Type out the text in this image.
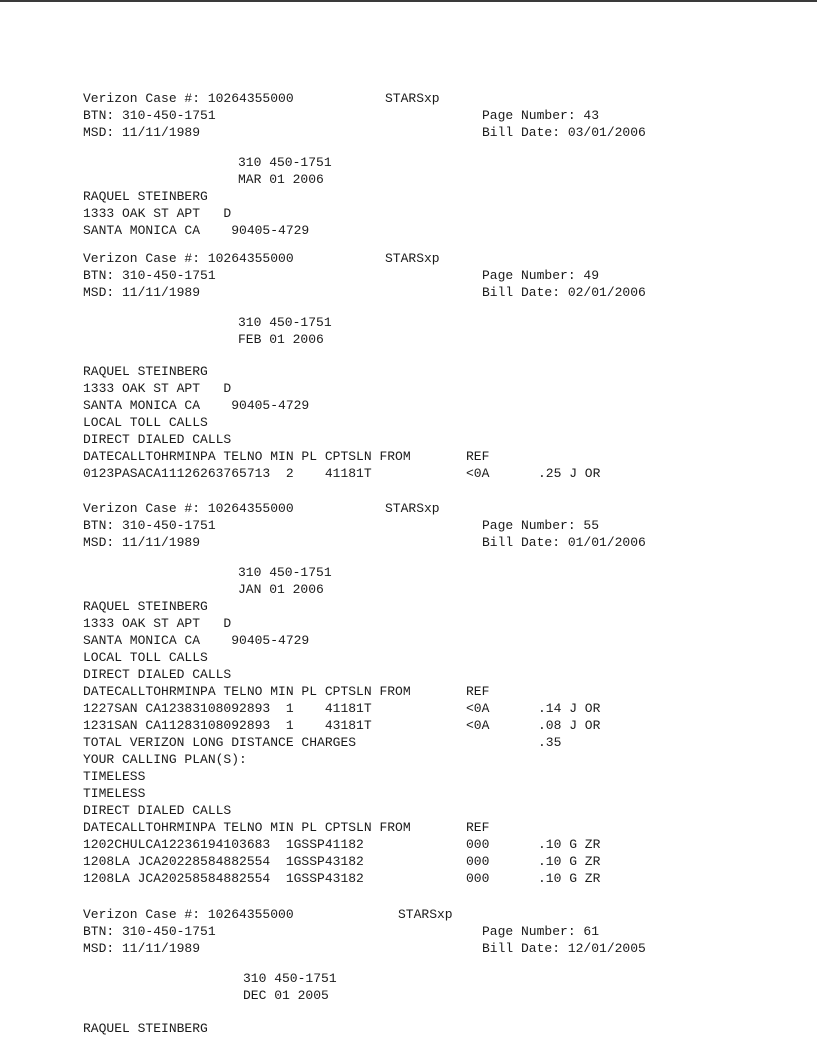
Verizon Case #: 10264355000	STARSxp
BTN: 310-450-1751	Page Number: 43
MSD: 11/11/1989	Bill Date: 03/01/2006
310 450-1751
MAR 01 2006
RAQUEL STEINBERG
1333 OAK ST APT   D
SANTA MONICA CA    90405-4729
Verizon Case #: 10264355000	STARSxp
BTN: 310-450-1751	Page Number: 49
MSD: 11/11/1989	Bill Date: 02/01/2006
310 450-1751
FEB 01 2006
RAQUEL STEINBERG
1333 OAK ST APT   D
SANTA MONICA CA    90405-4729
LOCAL TOLL CALLS
DIRECT DIALED CALLS
DATECALLTOHRMINPA TELNO MIN PL CPTSLN FROM	REF
0123PASACA11126263765713  2    41181T	<0A	.25 J OR
Verizon Case #: 10264355000	STARSxp
BTN: 310-450-1751	Page Number: 55
MSD: 11/11/1989	Bill Date: 01/01/2006
310 450-1751
JAN 01 2006
RAQUEL STEINBERG
1333 OAK ST APT   D
SANTA MONICA CA    90405-4729
LOCAL TOLL CALLS
DIRECT DIALED CALLS
DATECALLTOHRMINPA TELNO MIN PL CPTSLN FROM	REF
1227SAN CA12383108092893  1    41181T	<0A	.14 J OR
1231SAN CA11283108092893  1    43181T	<0A	.08 J OR
TOTAL VERIZON LONG DISTANCE CHARGES	.35
YOUR CALLING PLAN(S):
TIMELESS
TIMELESS
DIRECT DIALED CALLS
DATECALLTOHRMINPA TELNO MIN PL CPTSLN FROM	REF
1202CHULCA12236194103683  1GSSP41182	000	.10 G ZR
1208LA JCA20228584882554  1GSSP43182	000	.10 G ZR
1208LA JCA20258584882554  1GSSP43182	000	.10 G ZR
Verizon Case #: 10264355000	STARSxp
BTN: 310-450-1751	Page Number: 61
MSD: 11/11/1989	Bill Date: 12/01/2005
310 450-1751
DEC 01 2005
RAQUEL STEINBERG
